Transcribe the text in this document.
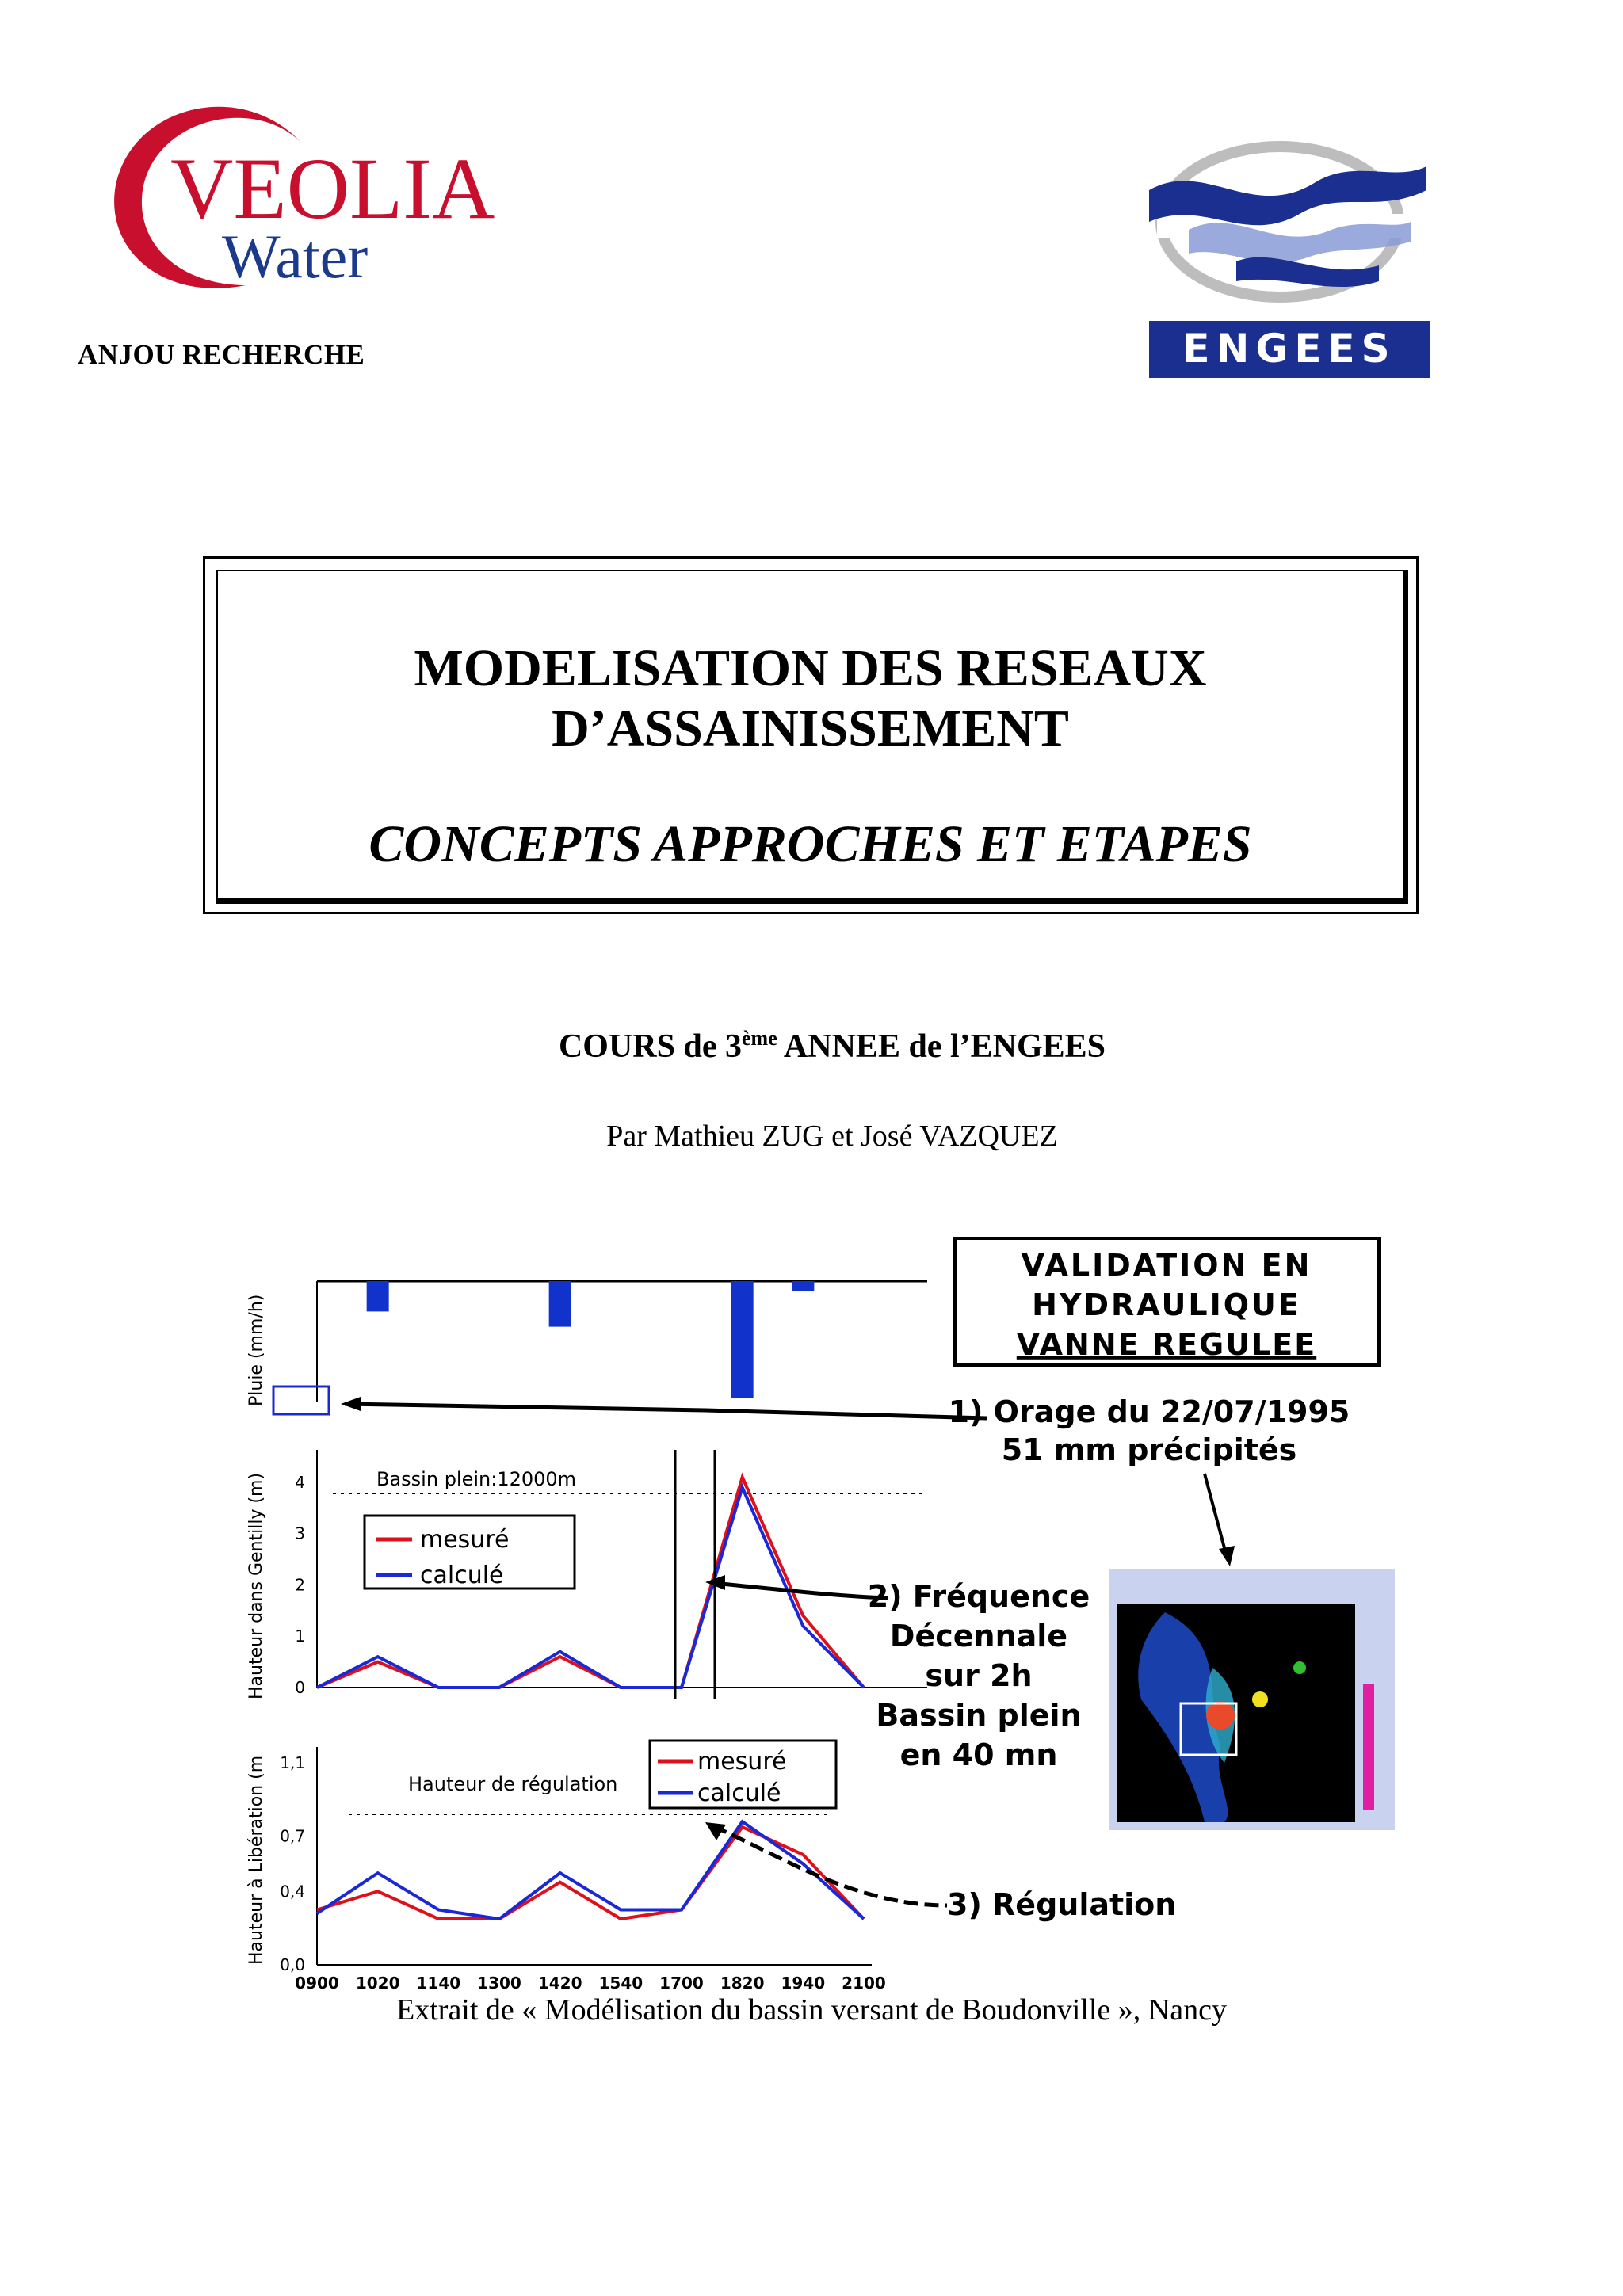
VEOLIA
Water
ANJOU RECHERCHE	ENGEES
MODELISATION DES RESEAUX
D’ASSAINISSEMENT
CONCEPTS APPROCHES ET ETAPES
COURS de 3ème ANNEE de l’ENGEES
Par Mathieu ZUG et José VAZQUEZ
Pluie (mm/h)
VALIDATION EN
HYDRAULIQUE
VANNE REGULEE
1) Orage du 22/07/1995
51 mm précipités
0
1
2
3
4	Bassin plein:12000m
Hauteur dans Gentilly (m)	mesuré
calculé
2) Fréquence
Décennale
sur 2h
Bassin plein
en 40 mn
0,0
0,4
0,7
1,1
Hauteur de régulation
Hauteur à Libération (m	mesuré
calculé
3) Régulation
0900 1020 1140 1300 1420 1540 1700 1820 1940 2100
Extrait de « Modélisation du bassin versant de Boudonville », Nancy
